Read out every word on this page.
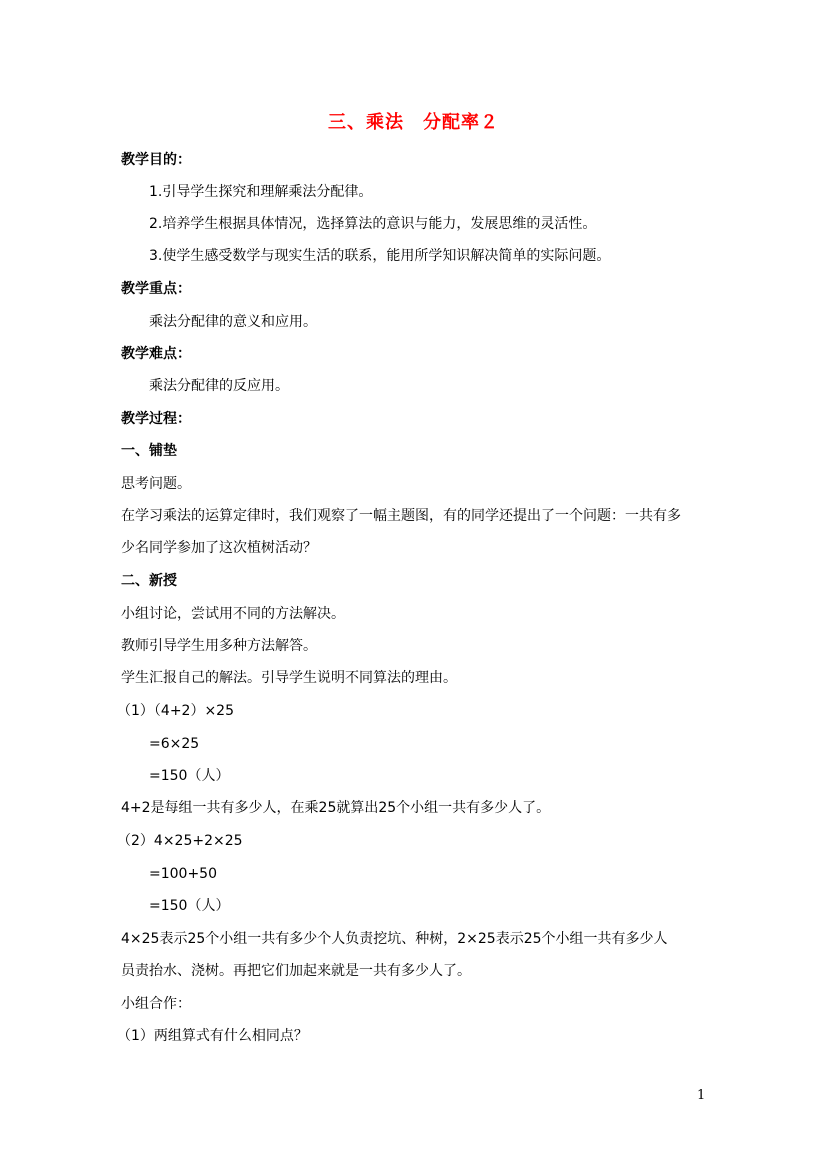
三、乘法　分配率２
教学目的：
1.引导学生探究和理解乘法分配律。
2.培养学生根据具体情况，选择算法的意识与能力，发展思维的灵活性。
3.使学生感受数学与现实生活的联系，能用所学知识解决简单的实际问题。
教学重点：
乘法分配律的意义和应用。
教学难点：
乘法分配律的反应用。
教学过程：
一、铺垫
思考问题。
在学习乘法的运算定律时，我们观察了一幅主题图，有的同学还提出了一个问题：一共有多
少名同学参加了这次植树活动？
二、新授
小组讨论，尝试用不同的方法解决。
教师引导学生用多种方法解答。
学生汇报自己的解法。引导学生说明不同算法的理由。
（1）（4+2）×25
=6×25
=150（人）
4+2是每组一共有多少人，在乘25就算出25个小组一共有多少人了。
（2）4×25+2×25
=100+50
=150（人）
4×25表示25个小组一共有多少个人负责挖坑、种树，2×25表示25个小组一共有多少人
员责抬水、浇树。再把它们加起来就是一共有多少人了。
小组合作：
（1）两组算式有什么相同点？
1
